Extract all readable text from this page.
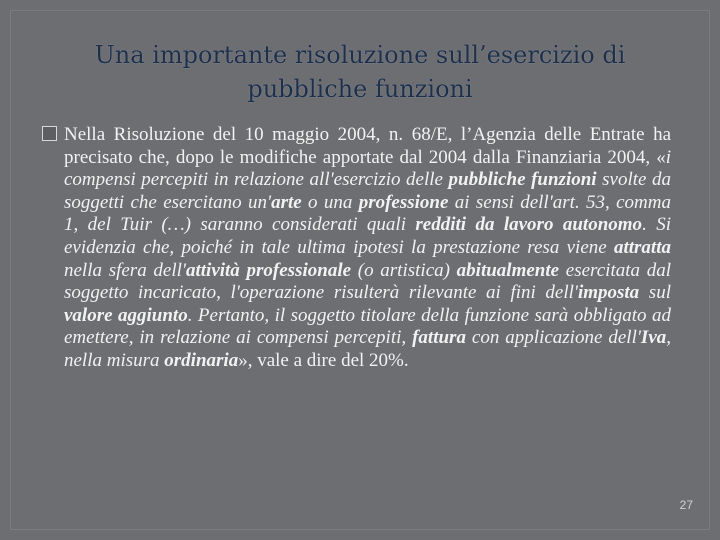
Una importante risoluzione sull’esercizio di pubbliche funzioni
Nella Risoluzione del 10 maggio 2004, n. 68/E, l’Agenzia delle Entrate ha precisato che, dopo le modifiche apportate dal 2004 dalla Finanziaria 2004, «i compensi percepiti in relazione all'esercizio delle pubbliche funzioni svolte da soggetti che esercitano un'arte o una professione ai sensi dell'art. 53, comma 1, del Tuir (…) saranno considerati quali redditi da lavoro autonomo. Si evidenzia che, poiché in tale ultima ipotesi la prestazione resa viene attratta nella sfera dell'attività professionale (o artistica) abitualmente esercitata dal soggetto incaricato, l'operazione risulterà rilevante ai fini dell'imposta sul valore aggiunto. Pertanto, il soggetto titolare della funzione sarà obbligato ad emettere, in relazione ai compensi percepiti, fattura con applicazione dell'Iva, nella misura ordinaria», vale a dire del 20%.
27
